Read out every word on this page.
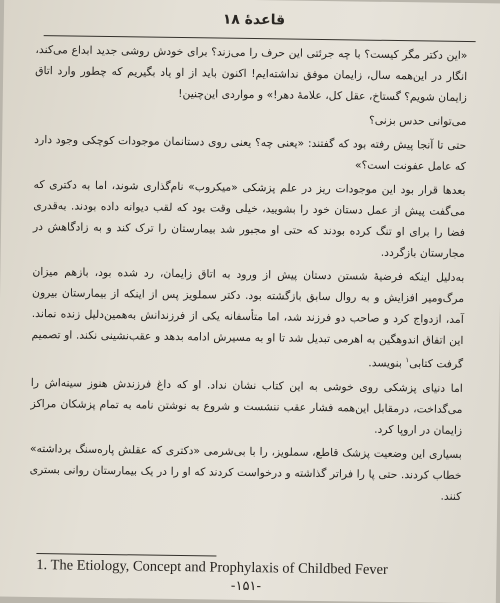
قاعدهٔ ۱۸

«این دکتر مگر کیست؟ با چه جرئتی این حرف را می‌زند؟ برای خودش روشی جدید ابداع می‌کند، انگار در این‌همه سال، زایمان موفق نداشته‌ایم! اکنون باید از او یاد بگیریم که چطور وارد اتاق زایمان شویم؟ گستاخ، عقل کل، علامهٔ دهر!» و مواردی این‌چنین!

می‌توانی حدس بزنی؟

حتی تا آنجا پیش رفته بود که گفتند: «یعنی چه؟ یعنی روی دستانمان موجودات کوچکی وجود دارد که عامل عفونت است؟»

بعدها قرار بود این موجودات ریز در علم پزشکی «میکروب» نام‌گذاری شوند، اما به دکتری که می‌گفت پیش از عمل دستان خود را بشویید، خیلی وقت بود که لقب دیوانه داده بودند. به‌قدری فضا را برای او تنگ کرده بودند که حتی او مجبور شد بیمارستان را ترک کند و به زادگاهش در مجارستان بازگردد.

به‌دلیل اینکه فرضیهٔ شستن دستان پیش از ورود به اتاق زایمان، رد شده بود، بازهم میزان مرگ‌ومیر افزایش و به روال سابق بازگشته بود. دکتر سملویز پس از اینکه از بیمارستان بیرون آمد، ازدواج کرد و صاحب دو فرزند شد، اما متأسفانه یکی از فرزندانش به‌همین‌دلیل زنده نماند. این اتفاق اندوهگین به اهرمی تبدیل شد تا او به مسیرش ادامه بدهد و عقب‌نشینی نکند. او تصمیم گرفت کتابی$^۱$ بنویسد.

اما دنیای پزشکی روی خوشی به این کتاب نشان نداد. او که داغ فرزندش هنوز سینه‌اش را می‌گداخت، درمقابل این‌همه فشار عقب ننشست و شروع به نوشتن نامه به تمام پزشکان مراکز زایمان در اروپا کرد.

بسیاری این وضعیت پزشک قاطع، سملویز، را با بی‌شرمی «دکتری که عقلش پاره‌سنگ برداشته» خطاب کردند. حتی پا را فراتر گذاشته و درخواست کردند که او را در یک بیمارستان روانی بستری کنند.

1. The Etiology, Concept and Prophylaxis of Childbed Fever
-۱۵۱-
